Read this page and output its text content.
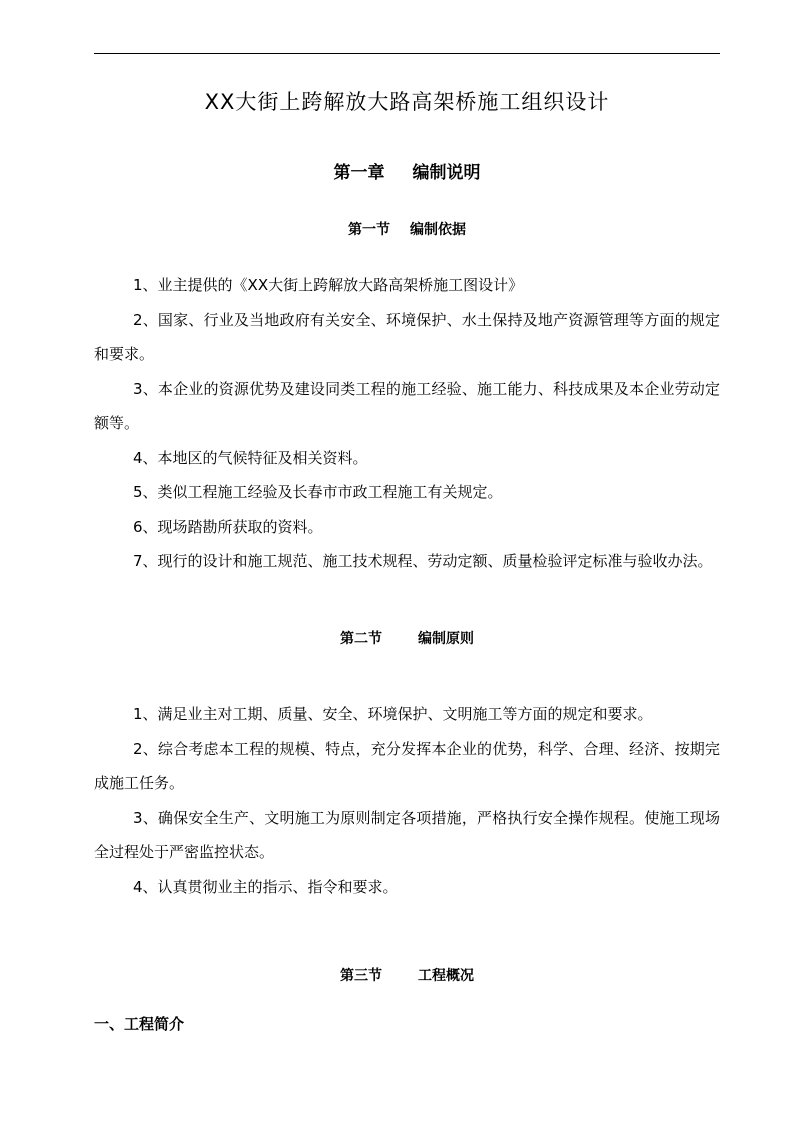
XX大街上跨解放大路高架桥施工组织设计
第一章 编制说明
第一节 编制依据

1、业主提供的《XX大街上跨解放大路高架桥施工图设计》

2、国家、行业及当地政府有关安全、环境保护、水土保持及地产资源管理等方面的规定和要求。

3、本企业的资源优势及建设同类工程的施工经验、施工能力、科技成果及本企业劳动定额等。

4、本地区的气候特征及相关资料。

5、类似工程施工经验及长春市市政工程施工有关规定。

6、现场踏勘所获取的资料。

7、现行的设计和施工规范、施工技术规程、劳动定额、质量检验评定标准与验收办法。

第二节	编制原则

1、满足业主对工期、质量、安全、环境保护、文明施工等方面的规定和要求。

2、综合考虑本工程的规模、特点，充分发挥本企业的优势，科学、合理、经济、按期完成施工任务。

3、确保安全生产、文明施工为原则制定各项措施，严格执行安全操作规程。使施工现场全过程处于严密监控状态。

4、认真贯彻业主的指示、指令和要求。

第三节	工程概况
一、工程简介
